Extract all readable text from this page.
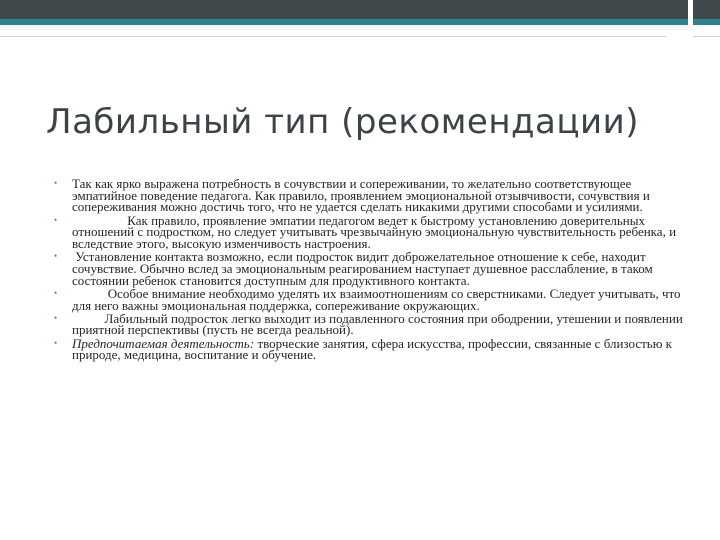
Лабильный тип (рекомендации)
• Так как ярко выражена потребность в сочувствии и сопереживании, то желательно соответствующее эмпатийное поведение педагога. Как правило, проявлением эмоциональной отзывчивости, сочувствия и сопереживания можно достичь того, что не удается сделать никакими другими способами и усилиями.
• Как правило, проявление эмпатии педагогом ведет к быстрому установлению доверительных отношений с подростком, но следует учитывать чрезвычайную эмоциональную чувствительность ребенка, и вследствие этого, высокую изменчивость настроения.
• Установление контакта возможно, если подросток видит доброжелательное отношение к себе, находит сочувствие. Обычно вслед за эмоциональным реагированием наступает душевное расслабление, в таком состоянии ребенок становится доступным для продуктивного контакта.
• Особое внимание необходимо уделять их взаимоотношениям со сверстниками. Следует учитывать, что для него важны эмоциональная поддержка, сопереживание окружающих.
• Лабильный подросток легко выходит из подавленного состояния при ободрении, утешении и появлении приятной перспективы (пусть не всегда реальной).
• Предпочитаемая деятельность: творческие занятия, сфера искусства, профессии, связанные с близостью к природе, медицина, воспитание и обучение.
